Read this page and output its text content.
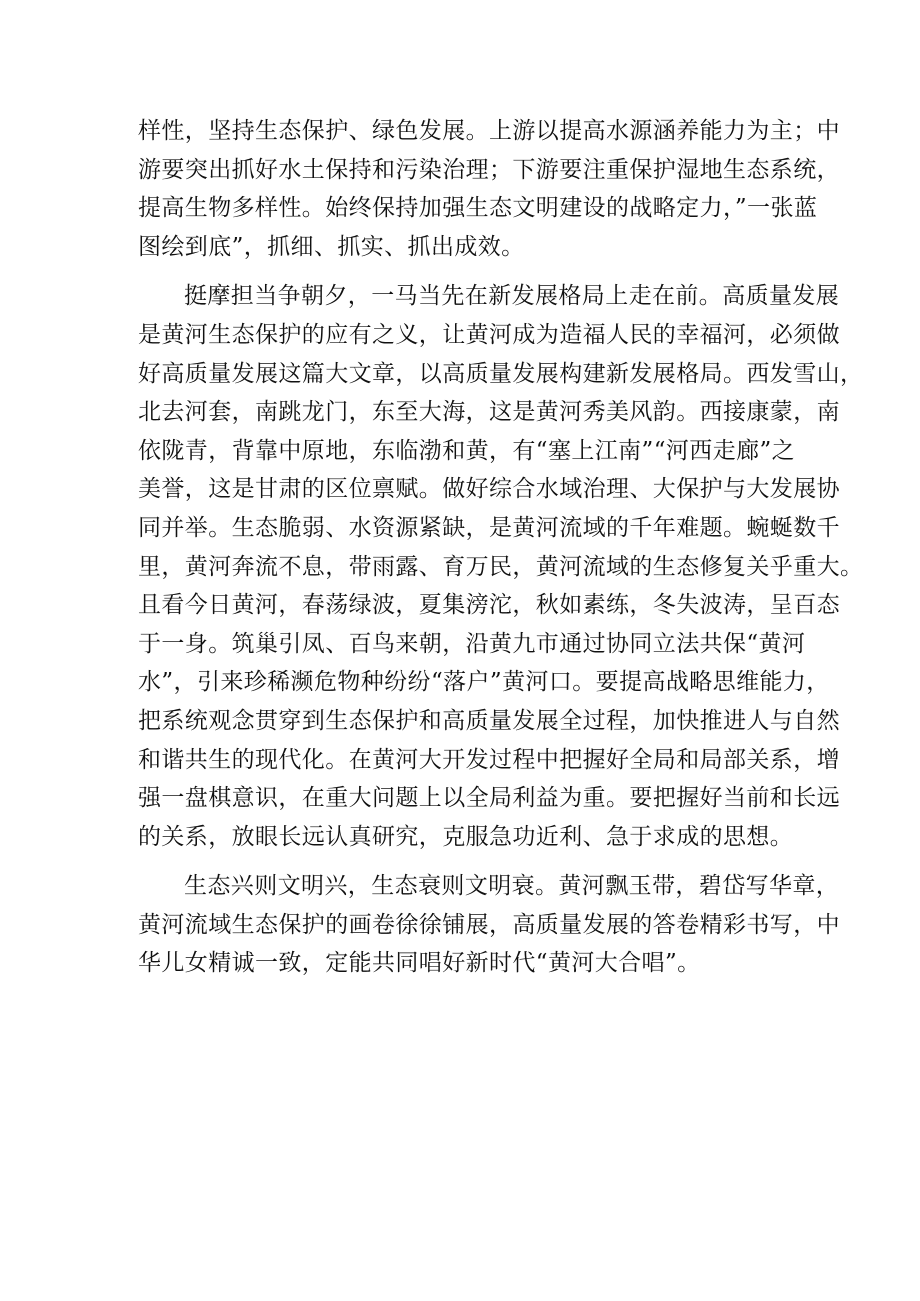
样性，坚持生态保护、绿色发展。上游以提高水源涵养能力为主；中
游要突出抓好水土保持和污染治理；下游要注重保护湿地生态系统，
提高生物多样性。始终保持加强生态文明建设的战略定力，”一张蓝
图绘到底”，抓细、抓实、抓出成效。

挺摩担当争朝夕，一马当先在新发展格局上走在前。高质量发展
是黄河生态保护的应有之义，让黄河成为造福人民的幸福河，必须做
好高质量发展这篇大文章，以高质量发展构建新发展格局。西发雪山，
北去河套，南跳龙门，东至大海，这是黄河秀美风韵。西接康蒙，南
依陇青，背靠中原地，东临渤和黄，有“塞上江南”“河西走廊”之
美誉，这是甘肃的区位禀赋。做好综合水域治理、大保护与大发展协
同并举。生态脆弱、水资源紧缺，是黄河流域的千年难题。蜿蜒数千
里，黄河奔流不息，带雨露、育万民，黄河流域的生态修复关乎重大。
且看今日黄河，春荡绿波，夏集滂沱，秋如素练，冬失波涛，呈百态
于一身。筑巢引凤、百鸟来朝，沿黄九市通过协同立法共保“黄河
水”，引来珍稀濒危物种纷纷“落户”黄河口。要提高战略思维能力，
把系统观念贯穿到生态保护和高质量发展全过程，加快推进人与自然
和谐共生的现代化。在黄河大开发过程中把握好全局和局部关系，增
强一盘棋意识，在重大问题上以全局利益为重。要把握好当前和长远
的关系，放眼长远认真研究，克服急功近利、急于求成的思想。

生态兴则文明兴，生态衰则文明衰。黄河飘玉带，碧岱写华章，
黄河流域生态保护的画卷徐徐铺展，高质量发展的答卷精彩书写，中
华儿女精诚一致，定能共同唱好新时代“黄河大合唱”。
